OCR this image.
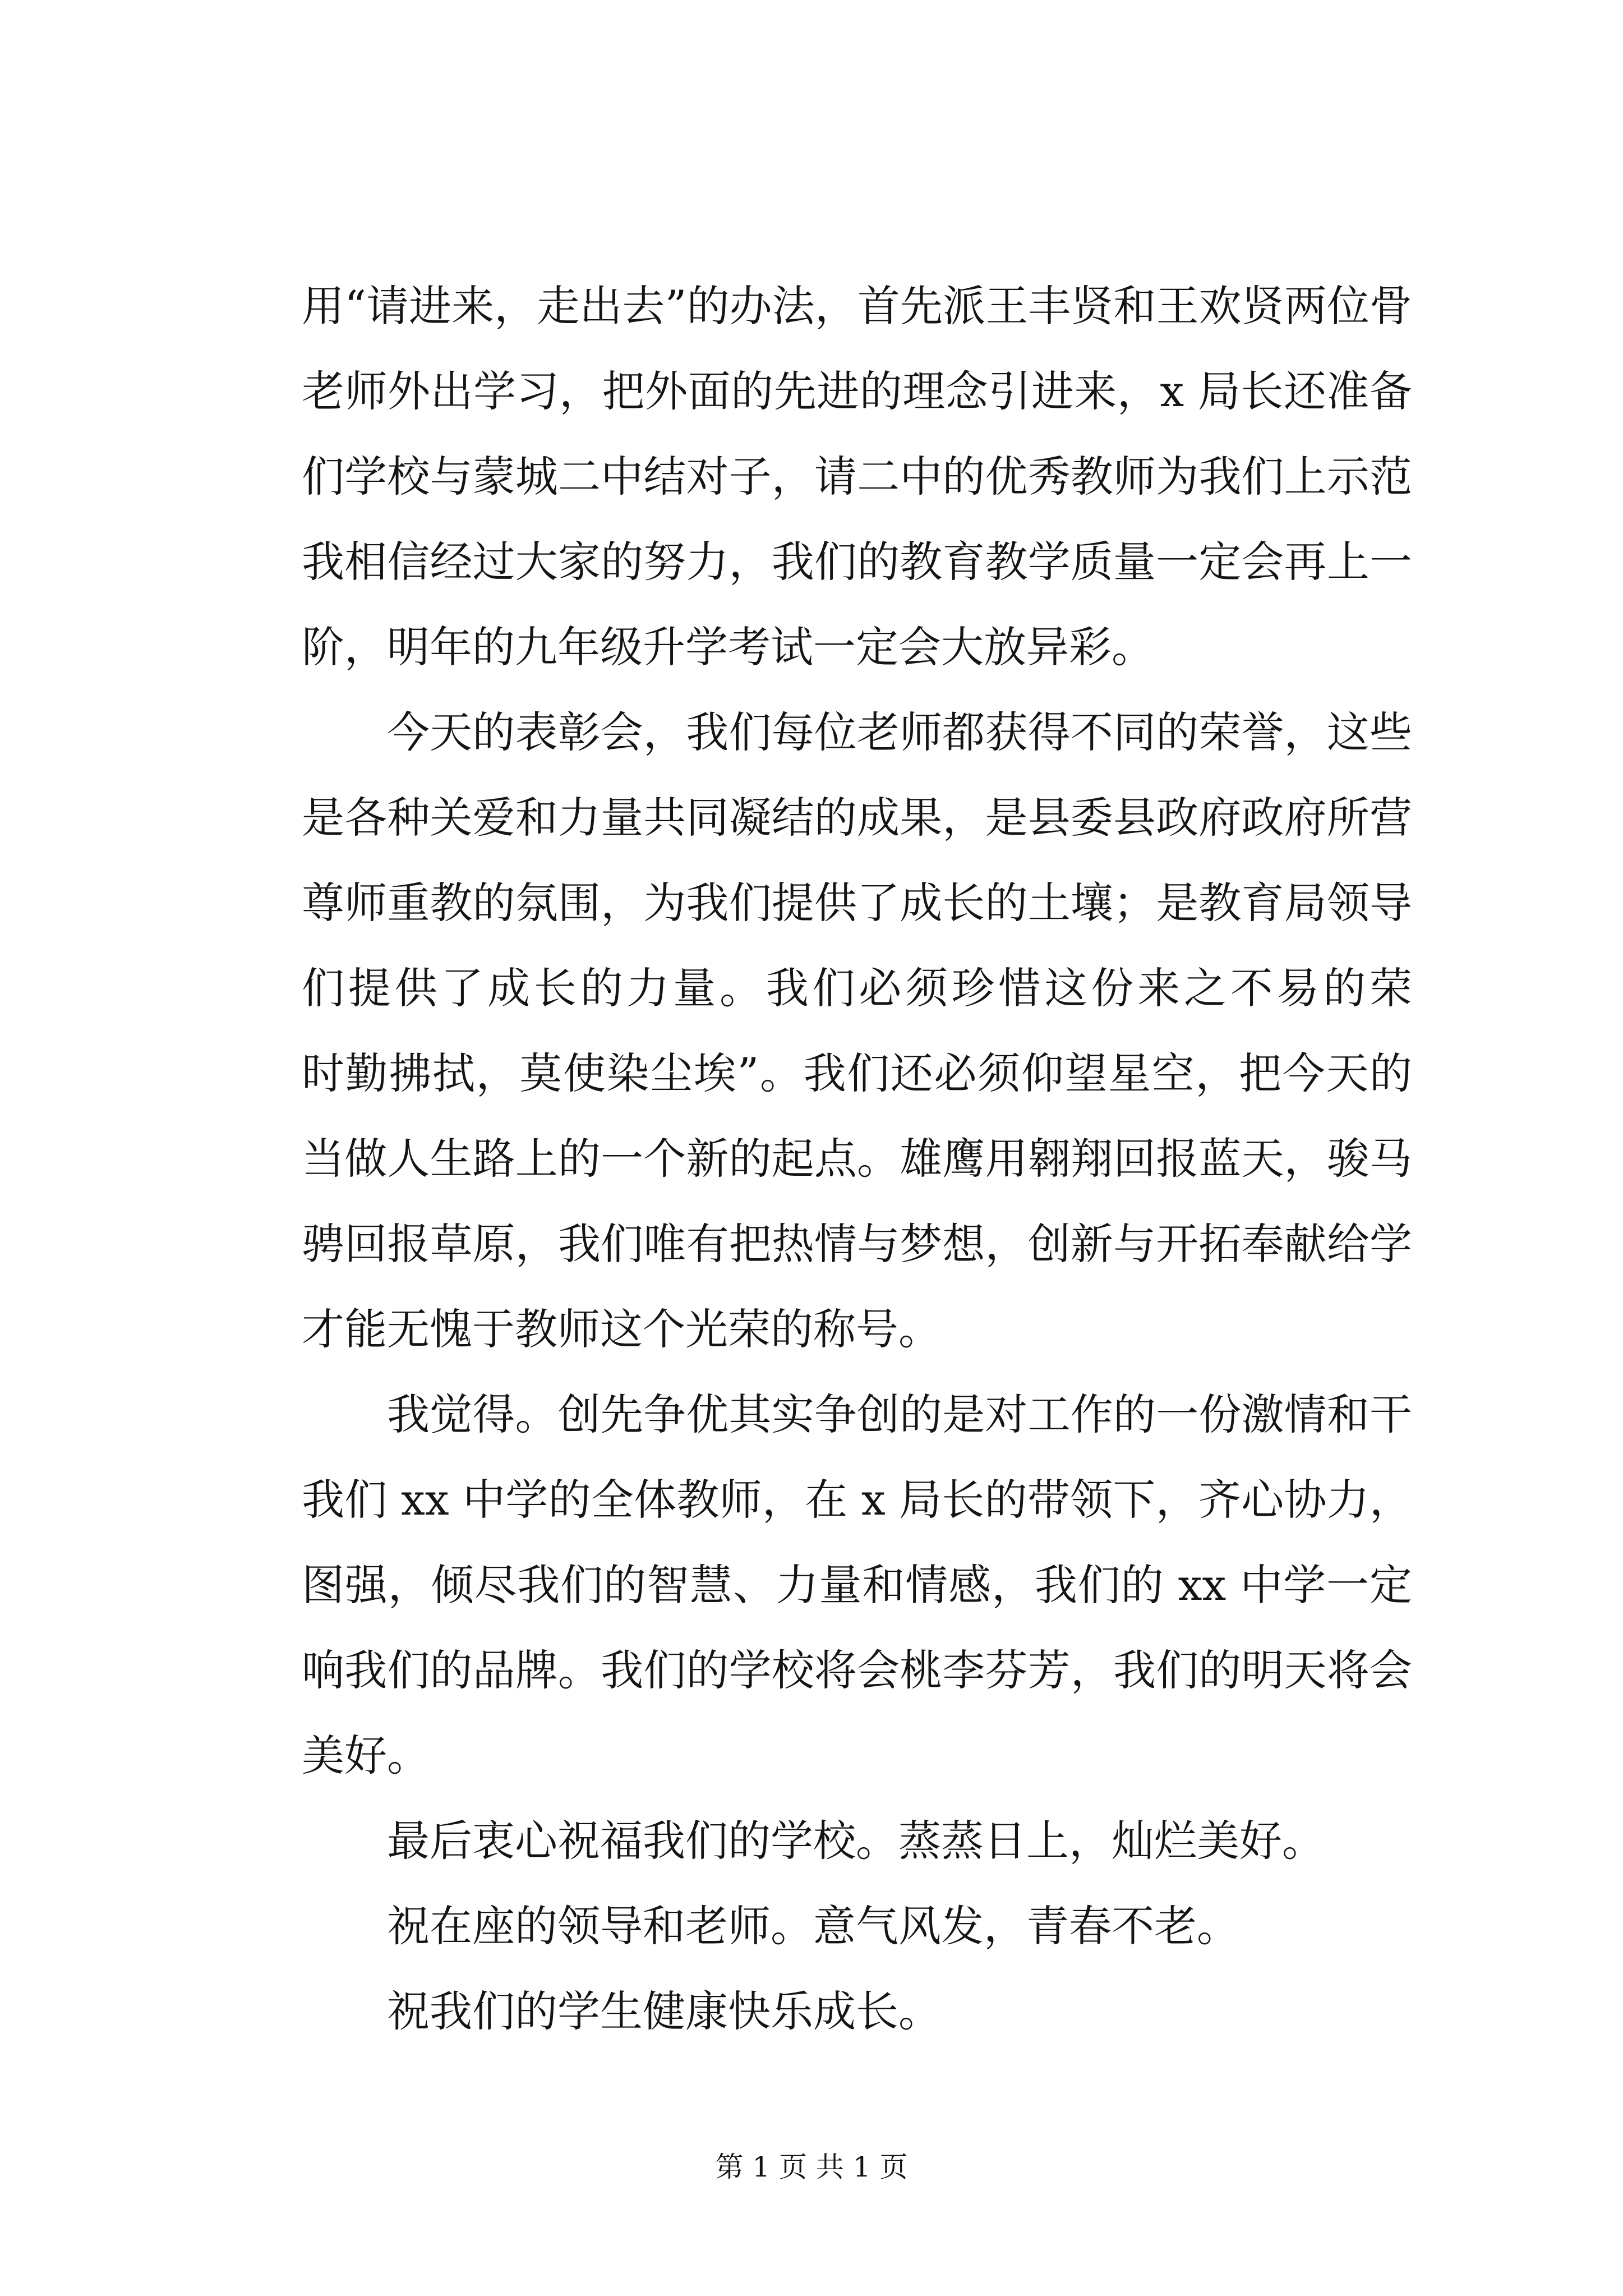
用“请进来，走出去”的办法，首先派王丰贤和王欢贤两位骨
老师外出学习，把外面的先进的理念引进来，x 局长还准备
们学校与蒙城二中结对子，请二中的优秀教师为我们上示范
我相信经过大家的努力，我们的教育教学质量一定会再上一
阶，明年的九年级升学考试一定会大放异彩。
今天的表彰会，我们每位老师都获得不同的荣誉，这些
是各种关爱和力量共同凝结的成果，是县委县政府政府所营
尊师重教的氛围，为我们提供了成长的土壤；是教育局领导
们提供了成长的力量。我们必须珍惜这份来之不易的荣
时勤拂拭，莫使染尘埃”。我们还必须仰望星空，把今天的
当做人生路上的一个新的起点。雄鹰用翱翔回报蓝天，骏马
骋回报草原，我们唯有把热情与梦想，创新与开拓奉献给学
才能无愧于教师这个光荣的称号。
我觉得。创先争优其实争创的是对工作的一份激情和干
我们 xx 中学的全体教师，在 x 局长的带领下，齐心协力，
图强，倾尽我们的智慧、力量和情感，我们的 xx 中学一定
响我们的品牌。我们的学校将会桃李芬芳，我们的明天将会
美好。
最后衷心祝福我们的学校。蒸蒸日上，灿烂美好。
祝在座的领导和老师。意气风发，青春不老。
祝我们的学生健康快乐成长。
第 1 页 共 1 页
